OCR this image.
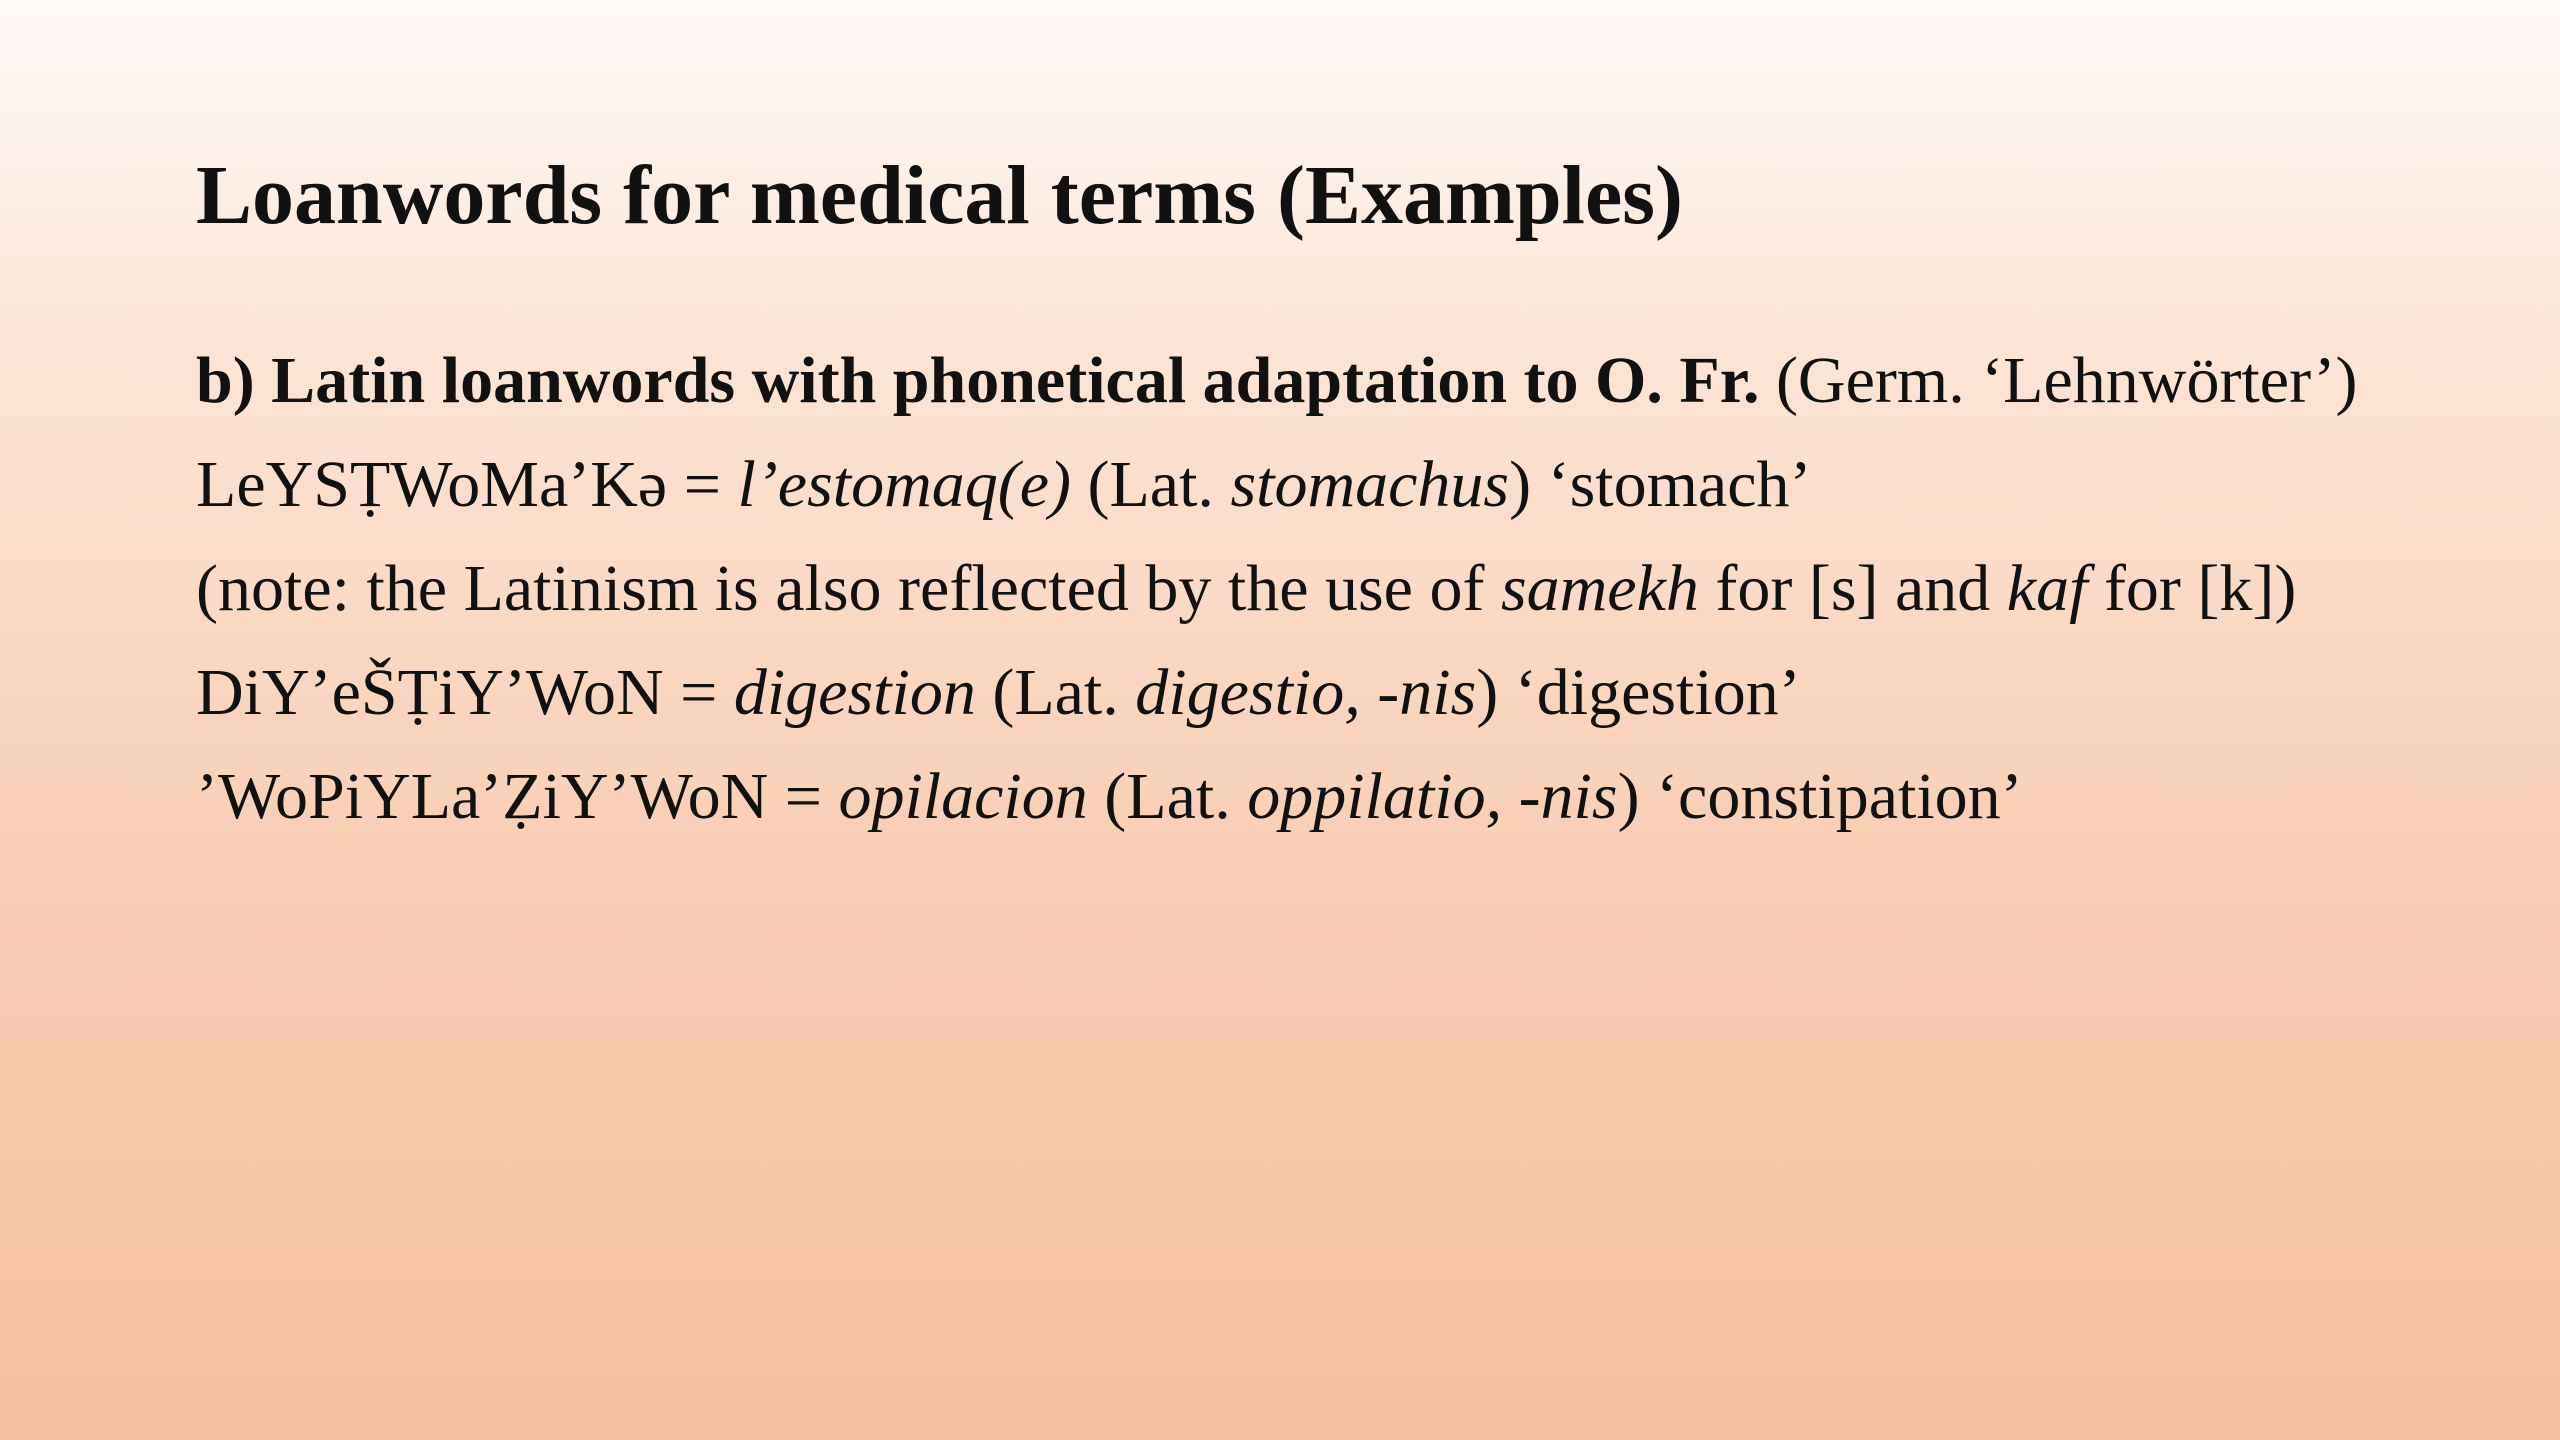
Loanwords for medical terms (Examples)

b) Latin loanwords with phonetical adaptation to O. Fr. (Germ. ‘Lehnwörter’)

LeYSṬWoMa’Kə = l’estomaq(e) (Lat. stomachus) ‘stomach’

(note: the Latinism is also reflected by the use of samekh for [s] and kaf for [k])

DiY’eŠṬiY’WoN = digestion (Lat. digestio, -nis) ‘digestion’

’WoPiYLa’ẒiY’WoN = opilacion (Lat. oppilatio, -nis) ‘constipation’
